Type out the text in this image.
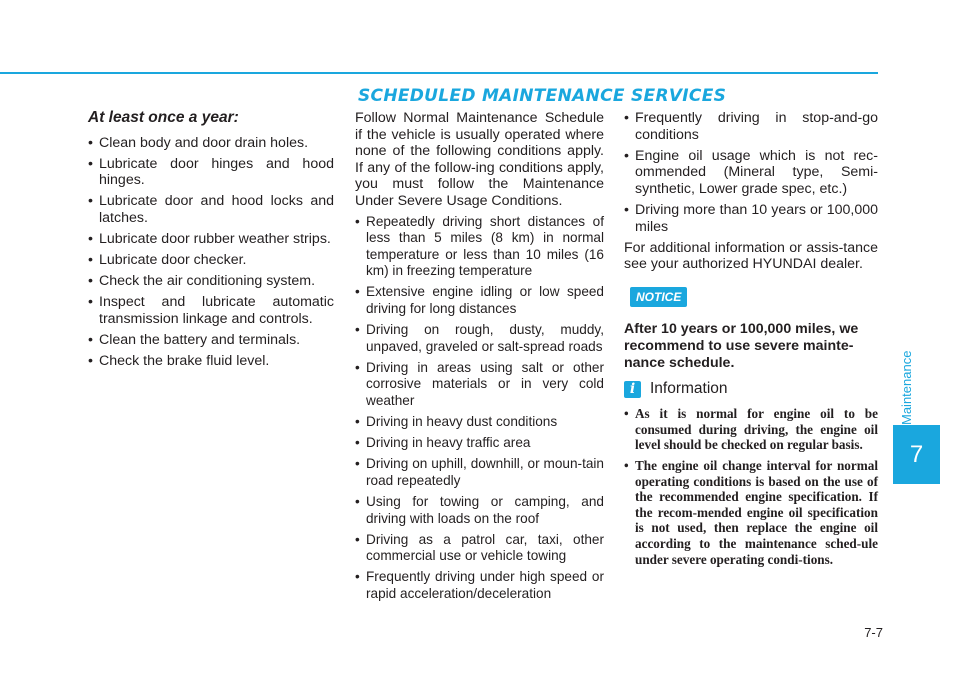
SCHEDULED MAINTENANCE SERVICES
Maintenance
7
At least once a year:
• Clean body and door drain holes.
• Lubricate door hinges and hood hinges.
• Lubricate door and hood locks and latches.
• Lubricate door rubber weather strips.
• Lubricate door checker.
• Check the air conditioning system.
• Inspect and lubricate automatic transmission linkage and controls.
• Clean the battery and terminals.
• Check the brake fluid level.

Follow Normal Maintenance Schedule if the vehicle is usually operated where none of the following conditions apply. If any of the follow-ing conditions apply, you must follow the Maintenance Under Severe Usage Conditions.

• Repeatedly driving short distances of less than 5 miles (8 km) in normal temperature or less than 10 miles (16 km) in freezing temperature
• Extensive engine idling or low speed driving for long distances
• Driving on rough, dusty, muddy, unpaved, graveled or salt-spread roads
• Driving in areas using salt or other corrosive materials or in very cold weather
• Driving in heavy dust conditions
• Driving in heavy traffic area
• Driving on uphill, downhill, or moun-tain road repeatedly
• Using for towing or camping, and driving with loads on the roof
• Driving as a patrol car, taxi, other commercial use or vehicle towing
• Frequently driving under high speed or rapid acceleration/deceleration
• Frequently driving in stop-and-go conditions
• Engine oil usage which is not rec-ommended (Mineral type, Semi-synthetic, Lower grade spec, etc.)
• Driving more than 10 years or 100,000 miles

For additional information or assis-tance see your authorized HYUNDAI dealer.

NOTICE

After 10 years or 100,000 miles, we recommend to use severe mainte-nance schedule.

i Information
• As it is normal for engine oil to be consumed during driving, the engine oil level should be checked on regular basis.
• The engine oil change interval for normal operating conditions is based on the use of the recommended engine specification. If the recom-mended engine oil specification is not used, then replace the engine oil according to the maintenance sched-ule under severe operating condi-tions.
7-7
